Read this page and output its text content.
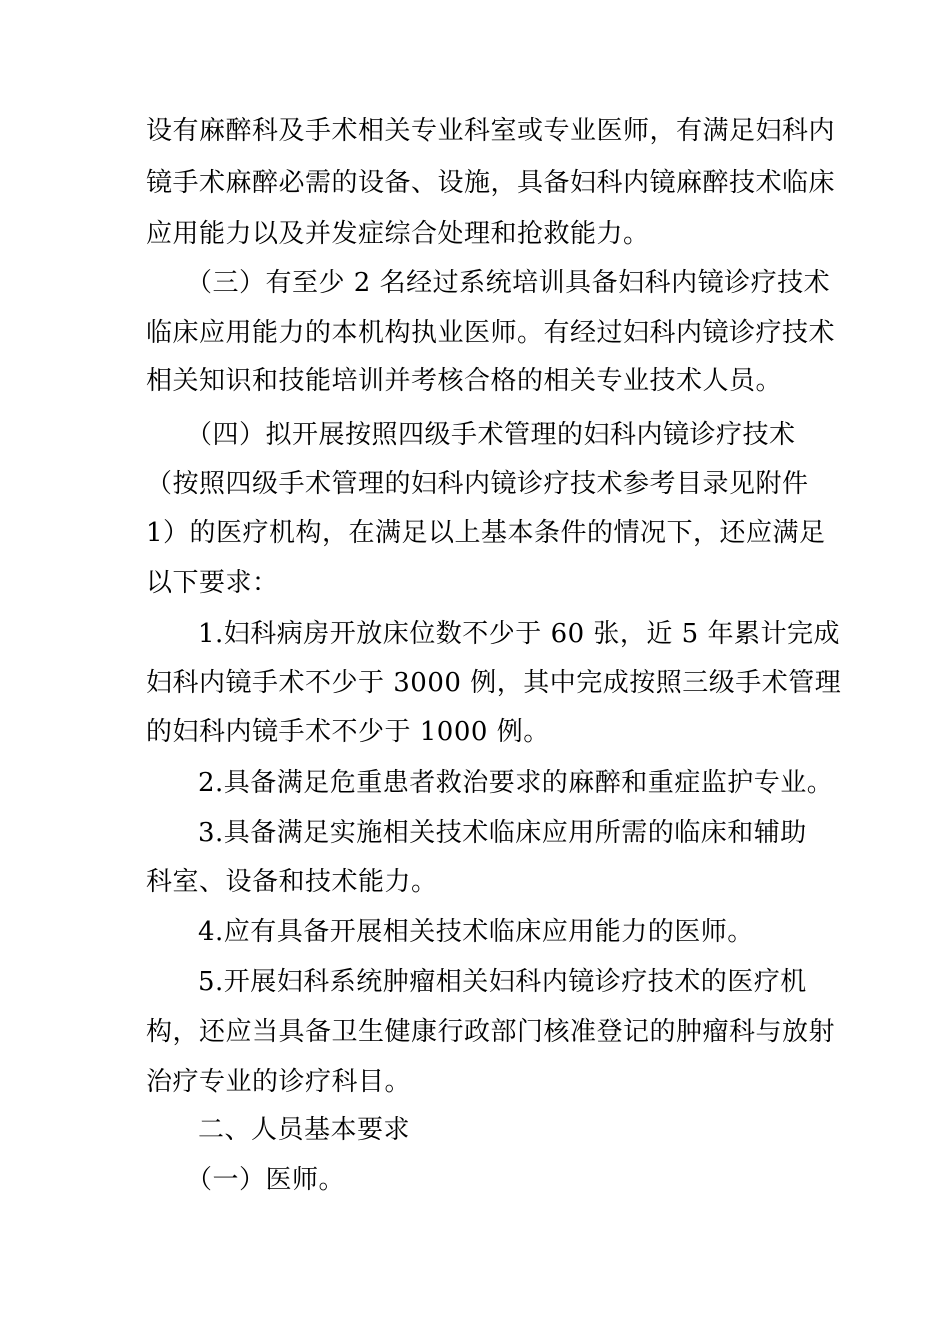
设有麻醉科及手术相关专业科室或专业医师，有满足妇科内
镜手术麻醉必需的设备、设施，具备妇科内镜麻醉技术临床
应用能力以及并发症综合处理和抢救能力。
（三）有至少 2 名经过系统培训具备妇科内镜诊疗技术
临床应用能力的本机构执业医师。有经过妇科内镜诊疗技术
相关知识和技能培训并考核合格的相关专业技术人员。
（四）拟开展按照四级手术管理的妇科内镜诊疗技术
（按照四级手术管理的妇科内镜诊疗技术参考目录见附件
1）的医疗机构，在满足以上基本条件的情况下，还应满足
以下要求：
1.妇科病房开放床位数不少于 60 张，近 5 年累计完成
妇科内镜手术不少于 3000 例，其中完成按照三级手术管理
的妇科内镜手术不少于 1000 例。
2.具备满足危重患者救治要求的麻醉和重症监护专业。
3.具备满足实施相关技术临床应用所需的临床和辅助
科室、设备和技术能力。
4.应有具备开展相关技术临床应用能力的医师。
5.开展妇科系统肿瘤相关妇科内镜诊疗技术的医疗机
构，还应当具备卫生健康行政部门核准登记的肿瘤科与放射
治疗专业的诊疗科目。
二、人员基本要求
（一）医师。
